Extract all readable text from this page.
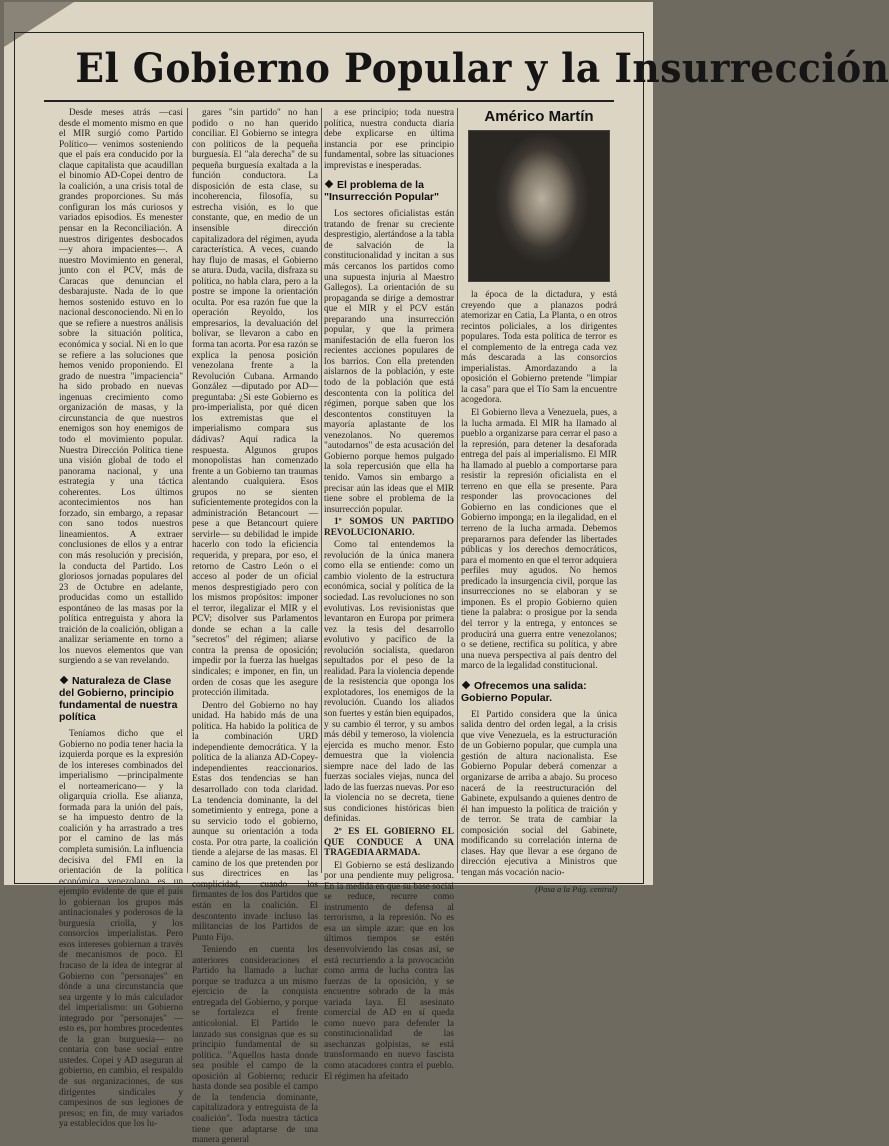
El Gobierno Popular y la Insurrección

Desde meses atrás —casi desde el momento mismo en que el MIR surgió como Partido Político— venimos sosteniendo que el país era conducido por la claque capitalista que acaudillan el binomio AD-Copei dentro de la coalición, a una crisis total de grandes proporciones. Su más configuran los más curiosos y variados episodios. Es menester pensar en la Reconciliación. A nuestros dirigentes desbocados —y ahora impacientes—. A nuestro Movimiento en general, junto con el PCV, más de Caracas que denuncian el desbarajuste. Nada de lo que hemos sostenido estuvo en lo nacional desconociendo. Ni en lo que se refiere a nuestros análisis sobre la situación política, económica y social. Ni en lo que se refiere a las soluciones que hemos venido proponiendo. El grado de nuestra "impaciencia" ha sido probado en nuevas ingenuas crecimiento como organización de masas, y la circunstancia de que nuestros enemigos son hoy enemigos de todo el movimiento popular. Nuestra Dirección Política tiene una visión global de todo el panorama nacional, y una estrategia y una táctica coherentes. Los últimos acontecimientos nos han forzado, sin embargo, a repasar con sano todos nuestros lineamientos. A extraer conclusiones de ellos y a entrar con más resolución y precisión, la conducta del Partido. Los gloriosos jornadas populares del 23 de Octubre en adelante, producidas como un estallido espontáneo de las masas por la política entreguista y ahora la traición de la coalición, obligan a analizar seriamente en torno a los nuevos elementos que van surgiendo a se van revelando.

Naturaleza de Clase del Gobierno, principio fundamental de nuestra política

Teníamos dicho que el Gobierno no podía tener hacia la izquierda porque es la expresión de los intereses combinados del imperialismo —principalmente el norteamericano— y la oligarquía criolla. Ese alianza, formada para la unión del país, se ha impuesto dentro de la coalición y ha arrastrado a tres por el camino de las más completa sumisión. La influencia decisiva del FMI en la orientación de la política económica venezolana es un ejemplo evidente de que el país lo gobiernan los grupos más antinacionales y poderosos de la burguesía criolla, y los consorcios imperialistas. Pero esos intereses gobiernan a través de mecanismos de poco. El fracaso de la idea de integrar al Gobierno con "personajes" en dónde a una circunstancia que sea urgente y lo más calculador del imperialismo: un Gobierno integrado por "personajes" —esto es, por hombres procedentes de la gran burguesía— no contaría con base social entre ustedes. Copei y AD aseguran al gobierno, en cambio, el respaldo de sus organizaciones, de sus dirigentes sindicales y campesinos de sus legiones de presos; en fin, de muy variados ya establecidos que los lu-

gares "sin partido" no han podido o no han querido conciliar. El Gobierno se integra con políticos de la pequeña burguesía. El "ala derecha" de su pequeña burguesía exaltada a la función conductora. La disposición de esta clase, su incoherencia, filosofía, su estrecha visión, es lo que constante, que, en medio de un insensible dirección capitalizadora del régimen, ayuda característica. A veces, cuando hay flujo de masas, el Gobierno se atura. Duda, vacila, disfraza su política, no habla clara, pero a la postre se impone la orientación oculta. Por esa razón fue que la operación Reyoldo, los empresarios, la devaluación del bolívar, se llevaron a cabo en forma tan acorta. Por esa razón se explica la penosa posición venezolana frente a la Revolución Cubana. Armando González —diputado por AD— preguntaba: ¿Si este Gobierno es pro-imperialista, por qué dicen los extremistas que el imperialismo compara sus dádivas? Aquí radica la respuesta. Algunos grupos monopolistas han comenzado frente a un Gobierno tan traumas alentando cualquiera. Esos grupos no se sienten suficientemente protegidos con la administración Betancourt —pese a que Betancourt quiere servirle— su debilidad le impide hacerlo con todo la eficiencia requerida, y prepara, por eso, el retorno de Castro León o el acceso al poder de un oficial menos desprestigiado pero con los mismos propósitos: imponer el terror, ilegalizar el MIR y el PCV; disolver sus Parlamentos donde se echan a la calle "secretos" del régimen; aliarse contra la prensa de oposición; impedir por la fuerza las huelgas sindicales; e imponer, en fin, un orden de cosas que les asegure protección ilimitada.

Dentro del Gobierno no hay unidad. Ha habido más de una política. Ha habido la política de la combinación URD independiente democrática. Y la política de la alianza AD-Copey-independientes reaccionarios. Estas dos tendencias se han desarrollado con toda claridad. La tendencia dominante, la del sometimiento y entrega, pone a su servicio todo el gobierno, aunque su orientación a toda costa. Por otra parte, la coalición tiende a alejarse de las masas. El camino de los que pretenden por sus directrices en las complicidad, cuando los firmantes de los dos Partidos que están en la coalición. El descontento invade incluso las militancias de los Partidos de Punto Fijo.

Teniendo en cuenta los anteriores consideraciones el Partido ha llamado a luchar porque se traduzca a un mismo ejercicio de la conquista entregada del Gobierno, y porque se fortalezca el frente anticolonial. El Partido le lanzado sus consignas que es su principio fundamental de su política. "Aquellos hasta donde sea posible el campo de la oposición al Gobierno; reducir hasta donde sea posible el campo de la tendencia dominante, capitalizadora y entreguista de la coalición". Toda nuestra táctica tiene que adaptarse de una manera general

a ese principio; toda nuestra política, nuestra conducta diaria debe explicarse en última instancia por ese principio fundamental, sobre las situaciones imprevistas e inesperadas.

El problema de la "Insurrección Popular"

Los sectores oficialistas están tratando de frenar su creciente desprestigio, alertándose a la tabla de salvación de la constitucionalidad y incitan a sus más cercanos los partidos como una supuesta injuria al Maestro Gallegos). La orientación de su propaganda se dirige a demostrar que el MIR y el PCV están preparando una insurrección popular, y que la primera manifestación de ella fueron los recientes acciones populares de los barrios. Con ella pretenden aislarnos de la población, y este todo de la población que está descontenta con la política del régimen, porque saben que los descontentos constituyen la mayoría aplastante de los venezolanos. No queremos "autodarnos" de esta acusación del Gobierno porque hemos pulgado la sola repercusión que ella ha tenido. Vamos sin embargo a precisar aún las ideas que el MIR tiene sobre el problema de la insurrección popular.

1º SOMOS UN PARTIDO REVOLUCIONARIO.

Como tal entendemos la revolución de la única manera como ella se entiende: como un cambio violento de la estructura económica, social y política de la sociedad. Las revoluciones no son evolutivas. Los revisionistas que levantaron en Europa por primera vez la tesis del desarrollo evolutivo y pacífico de la revolución socialista, quedaron sepultados por el peso de la realidad. Para la violencia depende de la resistencia que oponga los explotadores, los enemigos de la revolución. Cuando los aliados son fuertes y están bien equipados, y su cambio él terror, y su ambos más débil y temeroso, la violencia ejercida es mucho menor. Esto demuestra que la violencia siempre nace del lado de las fuerzas sociales viejas, nunca del lado de las fuerzas nuevas. Por eso la violencia no se decreta, tiene sus condiciones históricas bien definidas.

2º ES EL GOBIERNO EL QUE CONDUCE A UNA TRAGEDIA ARMADA.

El Gobierno se está deslizando por una pendiente muy peligrosa. En la medida en que su base social se reduce, recurre como instrumento de defensa al terrorismo, a la represión. No es esa un simple azar: que en los últimos tiempos se estén desenvolviendo las cosas así, se está recurriendo a la provocación como arma de lucha contra las fuerzas de la oposición, y se encuentre sobrado de la más variada laya. El asesinato comercial de AD en sí queda como nuevo para defender la constitucionalidad de las asechanzas golpistas, se está transformando en nuevo fascista como atacadores contra el pueblo. El régimen ha afeitado

Américo Martín

la época de la dictadura, y está creyendo que a planazos podrá atemorizar en Catia, La Planta, o en otros recintos policiales, a los dirigentes populares. Toda esta política de terror es el complemento de la entrega cada vez más descarada a las consorcios imperialistas. Amordazando a la oposición el Gobierno pretende "limpiar la casa" para que el Tío Sam la encuentre acogedora.

El Gobierno lleva a Venezuela, pues, a la lucha armada. El MIR ha llamado al pueblo a organizarse para cerrar el paso a la represión, para detener la desaforada entrega del país al imperialismo. El MIR ha llamado al pueblo a comportarse para resistir la represión oficialista en el terreno en que ella se presente. Para responder las provocaciones del Gobierno en las condiciones que el Gobierno imponga; en la ilegalidad, en el terreno de la lucha armada. Debemos prepararnos para defender las libertades públicas y los derechos democráticos, para el momento en que el terror adquiera perfiles muy agudos. No hemos predicado la insurgencia civil, porque las insurrecciones no se elaboran y se imponen. Es el propio Gobierno quien tiene la palabra: o prosigue por la senda del terror y la entrega, y entonces se producirá una guerra entre venezolanos; o se detiene, rectifica su política, y abre una nueva perspectiva al país dentro del marco de la legalidad constitucional.

Ofrecemos una salida: Gobierno Popular.

El Partido considera que la única salida dentro del orden legal, a la crisis que vive Venezuela, es la estructuración de un Gobierno popular, que cumpla una gestión de altura nacionalista. Ese Gobierno Popular deberá comenzar a organizarse de arriba a abajo. Su proceso nacerá de la reestructuración del Gabinete, expulsando a quienes dentro de él han impuesto la política de traición y de terror. Se trata de cambiar la composición social del Gabinete, modificando su correlación interna de clases. Hay que llevar a ese órgano de dirección ejecutiva a Ministros que tengan más vocación nacio-

(Pasa a la Pág. central)
